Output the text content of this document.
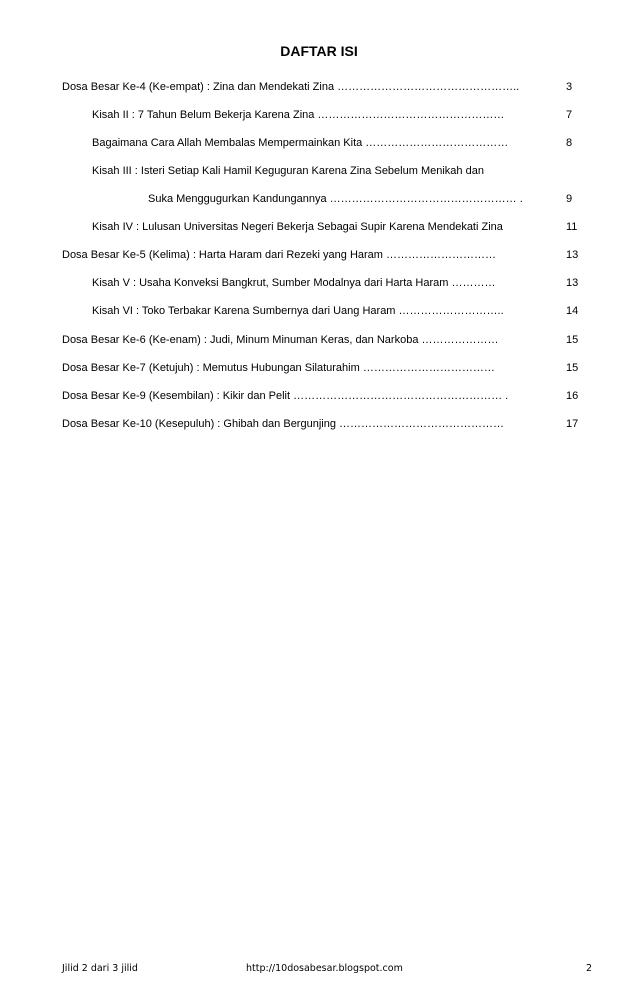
DAFTAR ISI
Dosa Besar Ke-4 (Ke-empat) : Zina dan Mendekati Zina …………………………………………..	3
Kisah II : 7 Tahun Belum Bekerja Karena Zina ……………………………………………	7
Bagaimana Cara Allah Membalas Mempermainkan Kita …………………………………	8
Kisah III : Isteri Setiap Kali Hamil Keguguran Karena Zina Sebelum Menikah dan
Suka Menggugurkan Kandungannya …………………………………………… .	9
Kisah IV : Lulusan Universitas Negeri Bekerja Sebagai Supir Karena Mendekati Zina	11
Dosa Besar Ke-5 (Kelima) : Harta Haram dari Rezeki yang Haram …………………………	13
Kisah V : Usaha Konveksi Bangkrut, Sumber Modalnya dari Harta Haram …………	13
Kisah VI : Toko Terbakar Karena Sumbernya dari Uang Haram ………………………..	14
Dosa Besar Ke-6 (Ke-enam) : Judi, Minum Minuman Keras, dan Narkoba …………………	15
Dosa Besar Ke-7 (Ketujuh) : Memutus Hubungan Silaturahim ………………………………	15
Dosa Besar Ke-9 (Kesembilan) : Kikir dan Pelit ………………………………………………… .	16
Dosa Besar Ke-10 (Kesepuluh) : Ghibah dan Bergunjing ………………………………………	17
Jilid 2 dari 3 jilid	http://10dosabesar.blogspot.com	2
